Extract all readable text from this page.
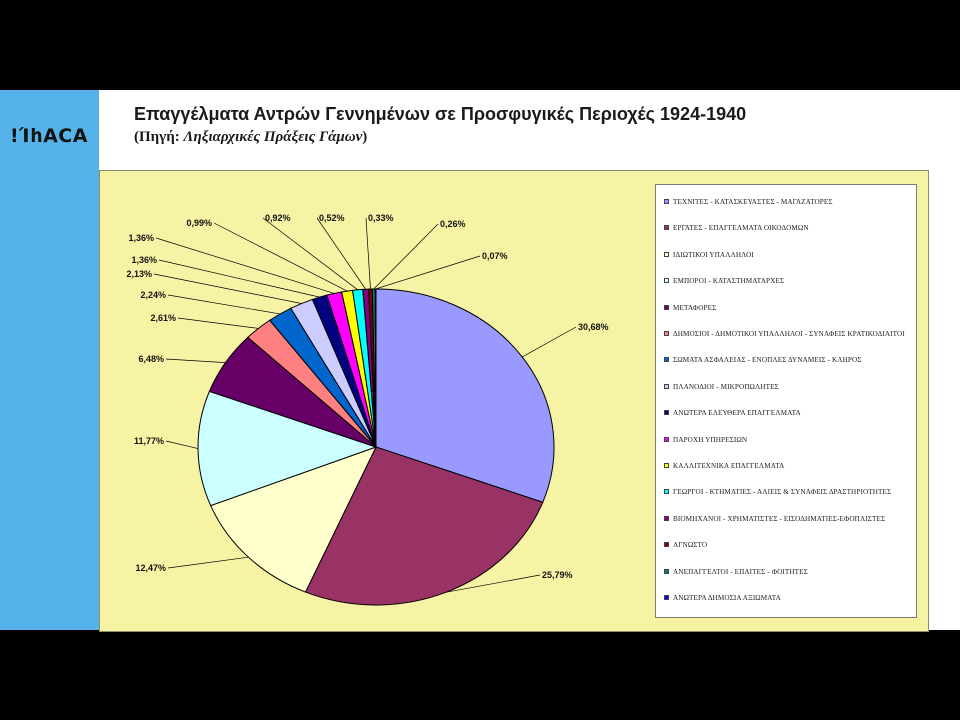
!ΊհΑCA
Επαγγέλματα Αντρών Γεννημένων σε Προσφυγικές Περιοχές 1924-1940
(Πηγή: Ληξιαρχικές Πράξεις Γάμων)
30,68%
25,79%
12,47%
11,77%
6,48%
2,61%
2,24%
2,13%
1,36%
1,36%
0,99%	0,92%	0,52%	0,33%
0,26%
0,07%
ΤΕΧΝΙΤΕΣ - ΚΑΤΑΣΚΕΥΑΣΤΕΣ - ΜΑΓΑΖΑΤΟΡΕΣ
ΕΡΓΑΤΕΣ - ΕΠΑΓΓΕΛΜΑΤΑ ΟΙΚΟΔΟΜΩΝ
ΙΔΙΩΤΙΚΟΙ ΥΠΑΛΛΗΛΟΙ
ΕΜΠΟΡΟΙ - ΚΑΤΑΣΤΗΜΑΤΑΡΧΕΣ
ΜΕΤΑΦΟΡΕΣ
ΔΗΜΟΣΙΟΙ - ΔΗΜΟΤΙΚΟΙ ΥΠΑΛΛΗΛΟΙ - ΣΥΝΑΦΕΙΣ ΚΡΑΤΙΚΟΔΙΑΙΤΟΙ
ΣΩΜΑΤΑ ΑΣΦΑΛΕΙΑΣ - ΕΝΟΠΛΕΣ ΔΥΝΑΜΕΙΣ - ΚΛΗΡΟΣ
ΠΛΑΝΟΔΙΟΙ - ΜΙΚΡΟΠΩΛΗΤΕΣ
ΑΝΩΤΕΡΑ ΕΛΕΥΘΕΡΑ ΕΠΑΓΓΕΛΜΑΤΑ
ΠΑΡΟΧΗ ΥΠΗΡΕΣΙΩΝ
ΚΑΛΛΙΤΕΧΝΙΚΑ ΕΠΑΓΓΕΛΜΑΤΑ
ΓΕΩΡΓΟΙ - ΚΤΗΜΑΤΙΕΣ - ΑΛΙΕΙΣ & ΣΥΝΑΦΕΙΣ ΔΡΑΣΤΗΡΙΟΤΗΤΕΣ
ΒΙΟΜΗΧΑΝΟΙ - ΧΡΗΜΑΤΙΣΤΕΣ - ΕΙΣΟΔΗΜΑΤΙΕΣ-ΕΦΟΠΛΙΣΤΕΣ
ΑΓΝΩΣΤΟ
ΑΝΕΠΑΓΓΕΛΤΟΙ - ΕΠΑΙΤΕΣ - ΦΟΙΤΗΤΕΣ
ΑΝΩΤΕΡΑ ΔΗΜΟΣΙΑ ΑΞΙΩΜΑΤΑ
